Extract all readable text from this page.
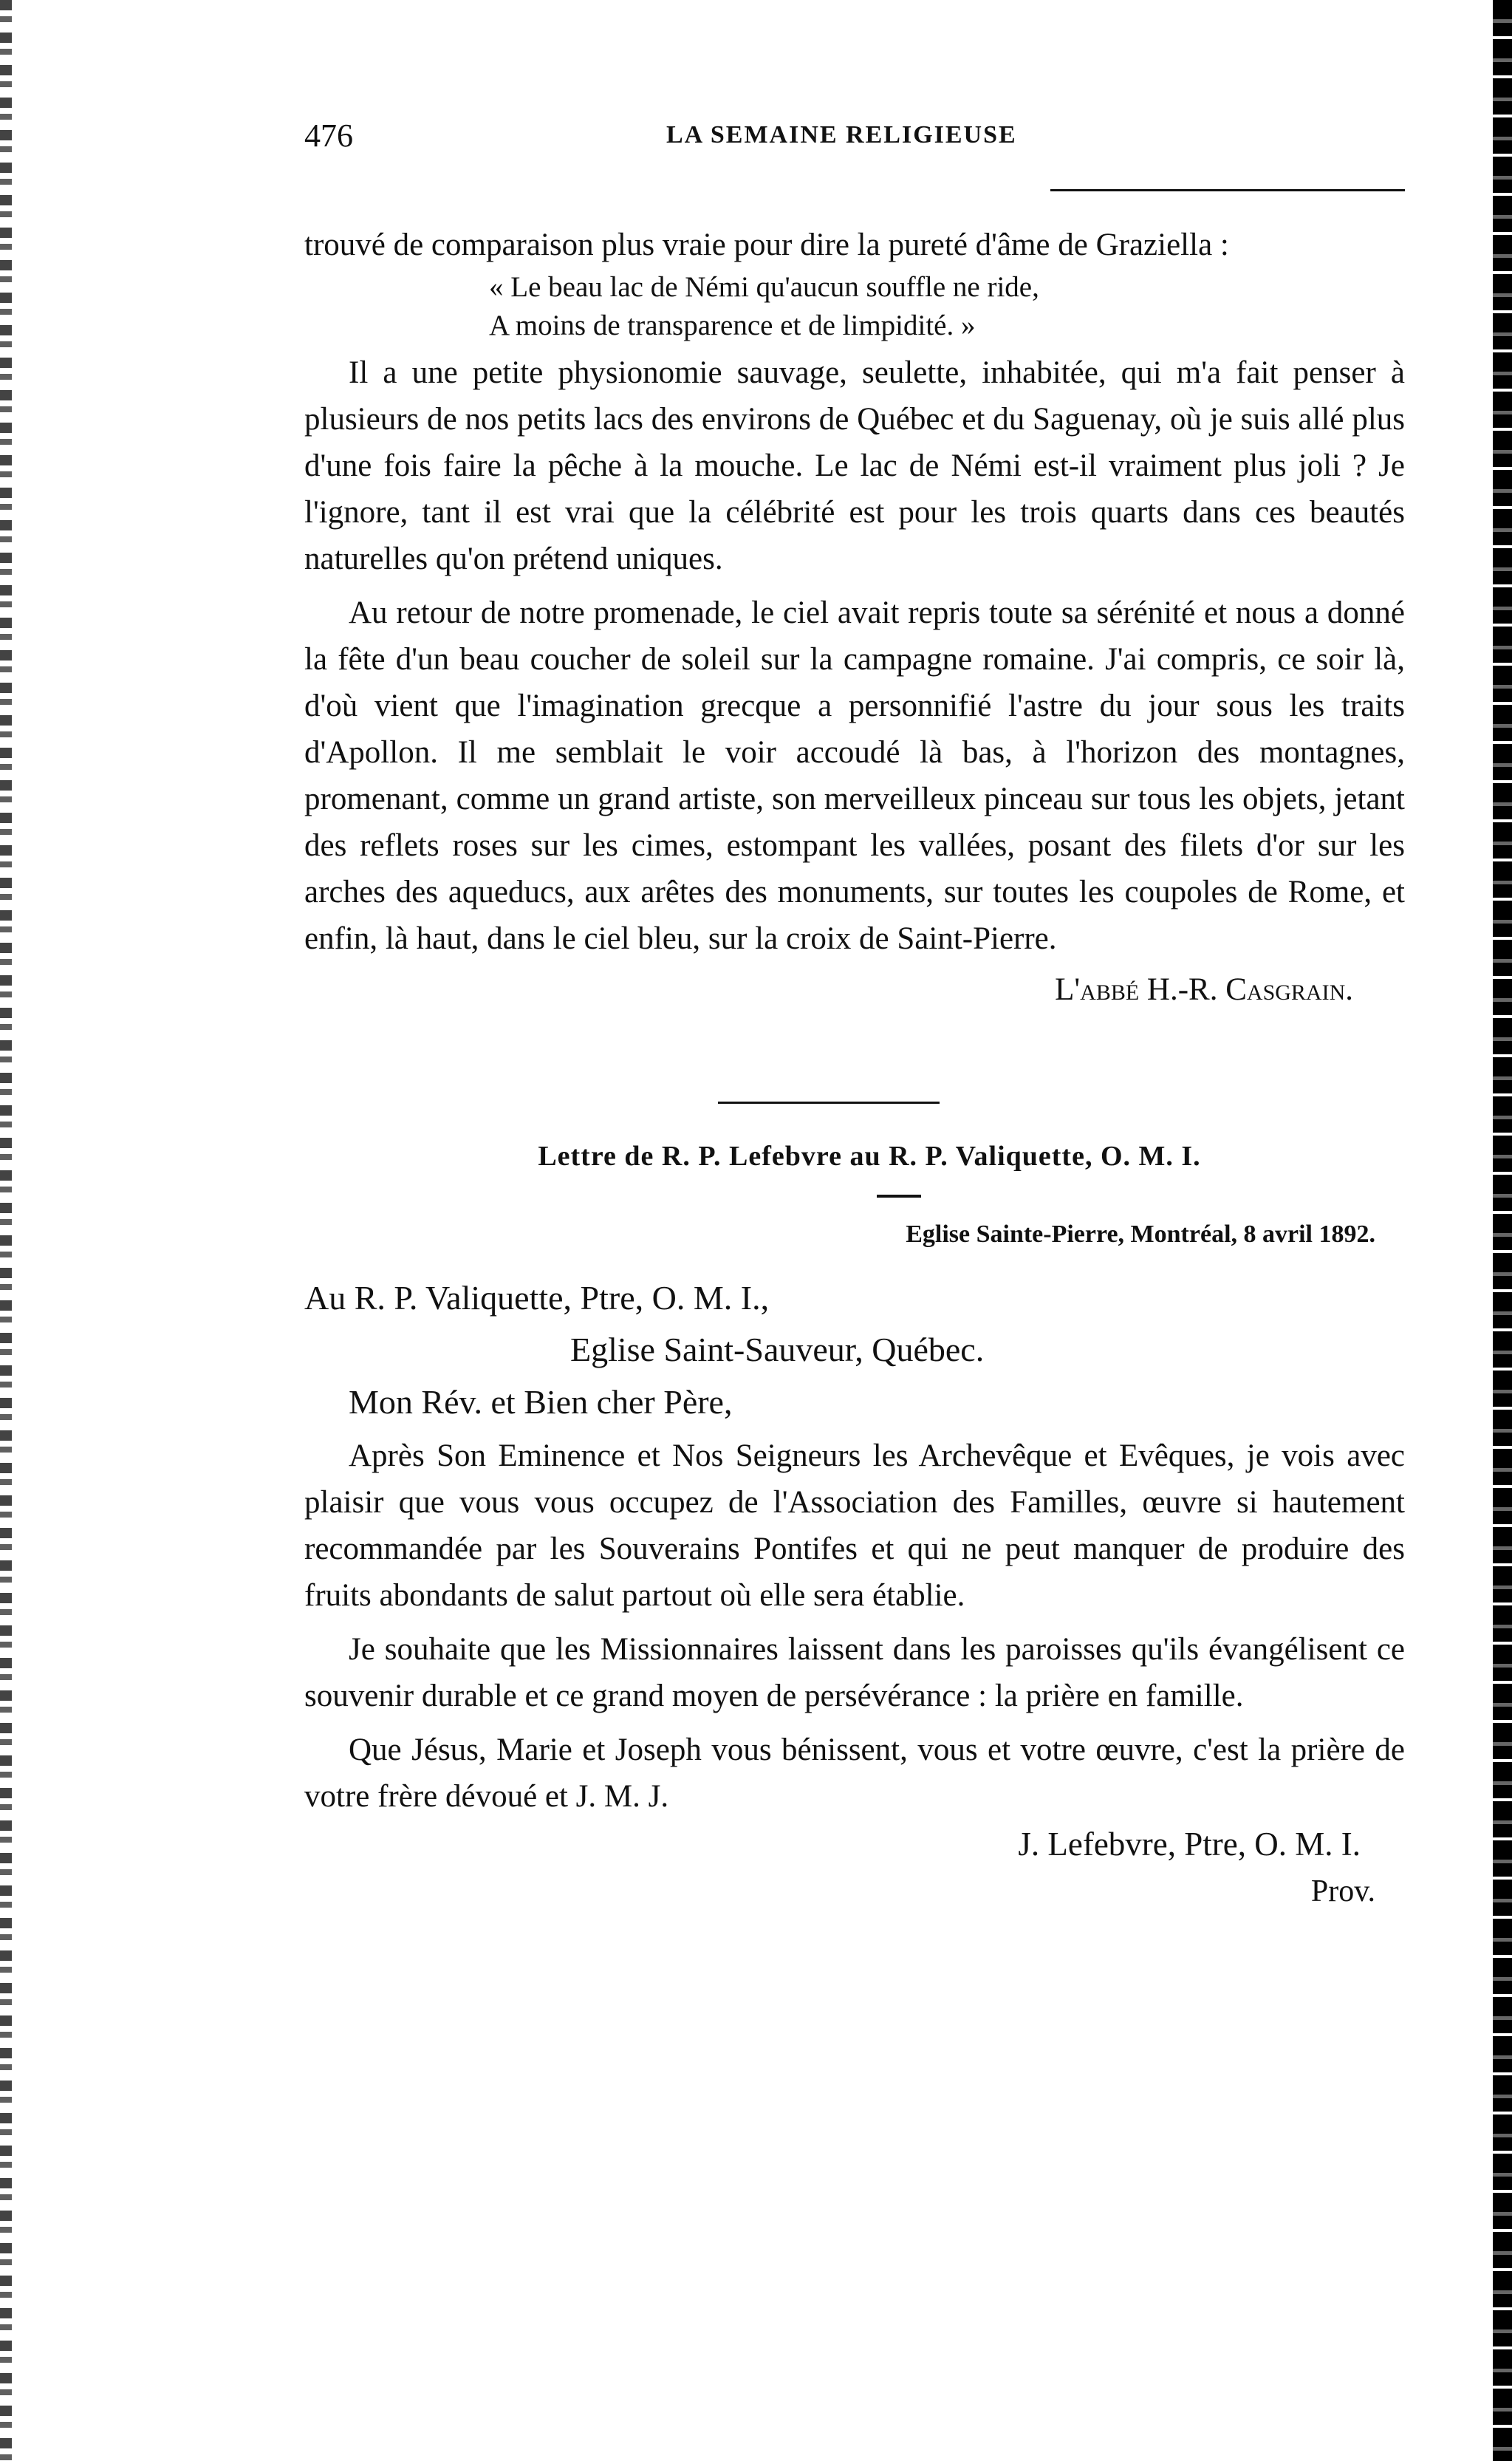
476	LA SEMAINE RELIGIEUSE

trouvé de comparaison plus vraie pour dire la pureté d'âme de Graziella :

« Le beau lac de Némi qu'aucun souffle ne ride,
A moins de transparence et de limpidité. »

Il a une petite physionomie sauvage, seulette, inhabitée, qui m'a fait penser à plusieurs de nos petits lacs des environs de Québec et du Saguenay, où je suis allé plus d'une fois faire la pêche à la mouche. Le lac de Némi est-il vraiment plus joli ? Je l'ignore, tant il est vrai que la célébrité est pour les trois quarts dans ces beautés naturelles qu'on prétend uniques.

Au retour de notre promenade, le ciel avait repris toute sa sérénité et nous a donné la fête d'un beau coucher de soleil sur la campagne romaine. J'ai compris, ce soir là, d'où vient que l'imagination grecque a personnifié l'astre du jour sous les traits d'Apollon. Il me semblait le voir accoudé là bas, à l'horizon des montagnes, promenant, comme un grand artiste, son merveilleux pinceau sur tous les objets, jetant des reflets roses sur les cimes, estompant les vallées, posant des filets d'or sur les arches des aqueducs, aux arêtes des monuments, sur toutes les coupoles de Rome, et enfin, là haut, dans le ciel bleu, sur la croix de Saint-Pierre.

L'abbé H.-R. Casgrain.
Lettre de R. P. Lefebvre au R. P. Valiquette, O. M. I.
Eglise Sainte-Pierre, Montréal, 8 avril 1892.
Au R. P. Valiquette, Ptre, O. M. I.,
Eglise Saint-Sauveur, Québec.
Mon Rév. et Bien cher Père,

Après Son Eminence et Nos Seigneurs les Archevêque et Evêques, je vois avec plaisir que vous vous occupez de l'Association des Familles, œuvre si hautement recommandée par les Souverains Pontifes et qui ne peut manquer de produire des fruits abondants de salut partout où elle sera établie.

Je souhaite que les Missionnaires laissent dans les paroisses qu'ils évangélisent ce souvenir durable et ce grand moyen de persévérance : la prière en famille.

Que Jésus, Marie et Joseph vous bénissent, vous et votre œuvre, c'est la prière de votre frère dévoué et J. M. J.

J. Lefebvre, Ptre, O. M. I.
Prov.
